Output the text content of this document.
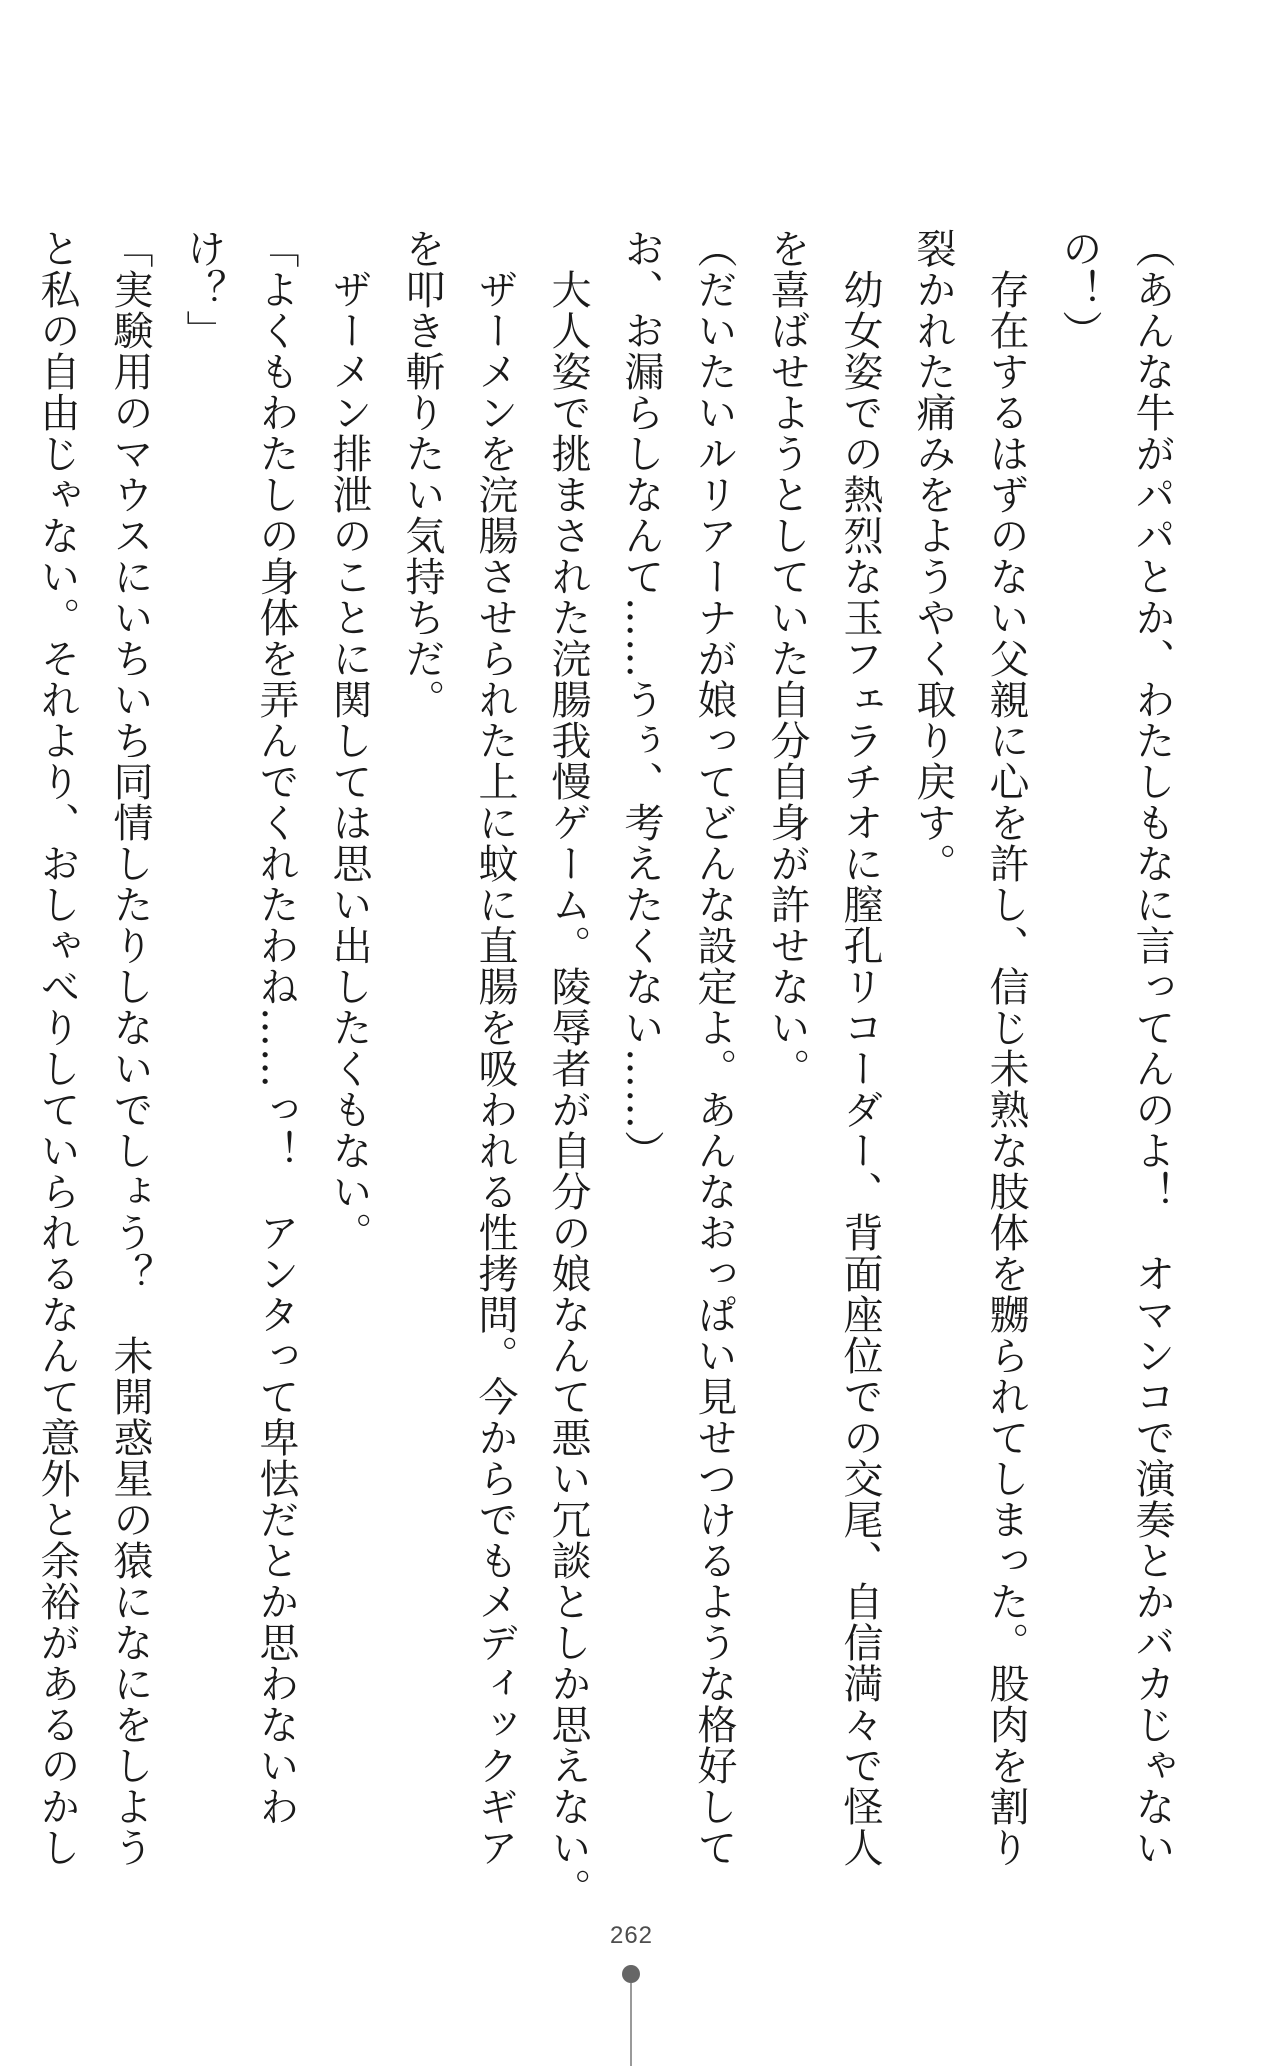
（あんな牛がパパとか、わたしもなに言ってんのよ！　オマンコで演奏とかバカじゃない
の！）
　存在するはずのない父親に心を許し、信じ未熟な肢体を嬲られてしまった。股肉を割り
裂かれた痛みをようやく取り戻す。
　幼女姿での熱烈な玉フェラチオに膣孔リコーダー、背面座位での交尾、自信満々で怪人
を喜ばせようとしていた自分自身が許せない。
（だいたいルリアーナが娘ってどんな設定よ。あんなおっぱい見せつけるような格好して
お、お漏らしなんて……うぅ、考えたくない……）
　大人姿で挑まされた浣腸我慢ゲーム。陵辱者が自分の娘なんて悪い冗談としか思えない。
　ザーメンを浣腸させられた上に蚊に直腸を吸われる性拷問。今からでもメディックギア
を叩き斬りたい気持ちだ。
　ザーメン排泄のことに関しては思い出したくもない。
「よくもわたしの身体を弄んでくれたわね……っ！　アンタって卑怯だとか思わないわ
け？」
「実験用のマウスにいちいち同情したりしないでしょう？　未開惑星の猿になにをしよう
と私の自由じゃない。それより、おしゃべりしていられるなんて意外と余裕があるのかし
262
